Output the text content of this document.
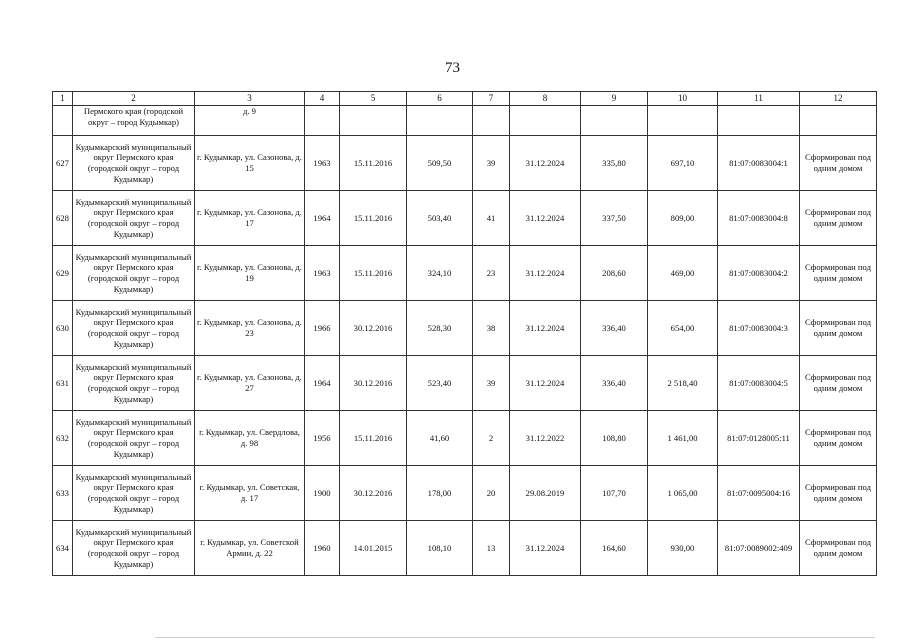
73
1	2	3	4	5	6	7	8	9	10	11	12
	Пермского края (городской округ – город Кудымкар)	д. 9									
627	Кудымкарский муниципальный округ Пермского края (городской округ – город Кудымкар)	г. Кудымкар, ул. Сазонова, д. 15	1963	15.11.2016	509,50	39	31.12.2024	335,80	697,10	81:07:0083004:1	Сформирован под одним домом
628	Кудымкарский муниципальный округ Пермского края (городской округ – город Кудымкар)	г. Кудымкар, ул. Сазонова, д. 17	1964	15.11.2016	503,40	41	31.12.2024	337,50	809,00	81:07:0083004:8	Сформирован под одним домом
629	Кудымкарский муниципальный округ Пермского края (городской округ – город Кудымкар)	г. Кудымкар, ул. Сазонова, д. 19	1963	15.11.2016	324,10	23	31.12.2024	208,60	469,00	81:07:0083004:2	Сформирован под одним домом
630	Кудымкарский муниципальный округ Пермского края (городской округ – город Кудымкар)	г. Кудымкар, ул. Сазонова, д. 23	1966	30.12.2016	528,30	38	31.12.2024	336,40	654,00	81:07:0083004:3	Сформирован под одним домом
631	Кудымкарский муниципальный округ Пермского края (городской округ – город Кудымкар)	г. Кудымкар, ул. Сазонова, д. 27	1964	30.12.2016	523,40	39	31.12.2024	336,40	2 518,40	81:07:0083004:5	Сформирован под одним домом
632	Кудымкарский муниципальный округ Пермского края (городской округ – город Кудымкар)	г. Кудымкар, ул. Свердлова, д. 98	1956	15.11.2016	41,60	2	31.12.2022	108,80	1 461,00	81:07:0128005:11	Сформирован под одним домом
633	Кудымкарский муниципальный округ Пермского края (городской округ – город Кудымкар)	г. Кудымкар, ул. Советская, д. 17	1900	30.12.2016	178,00	20	29.08.2019	107,70	1 065,00	81:07:0095004:16	Сформирован под одним домом
634	Кудымкарский муниципальный округ Пермского края (городской округ – город Кудымкар)	г. Кудымкар, ул. Советской Армии, д. 22	1960	14.01.2015	108,10	13	31.12.2024	164,60	930,00	81:07:0089002:409	Сформирован под одним домом
